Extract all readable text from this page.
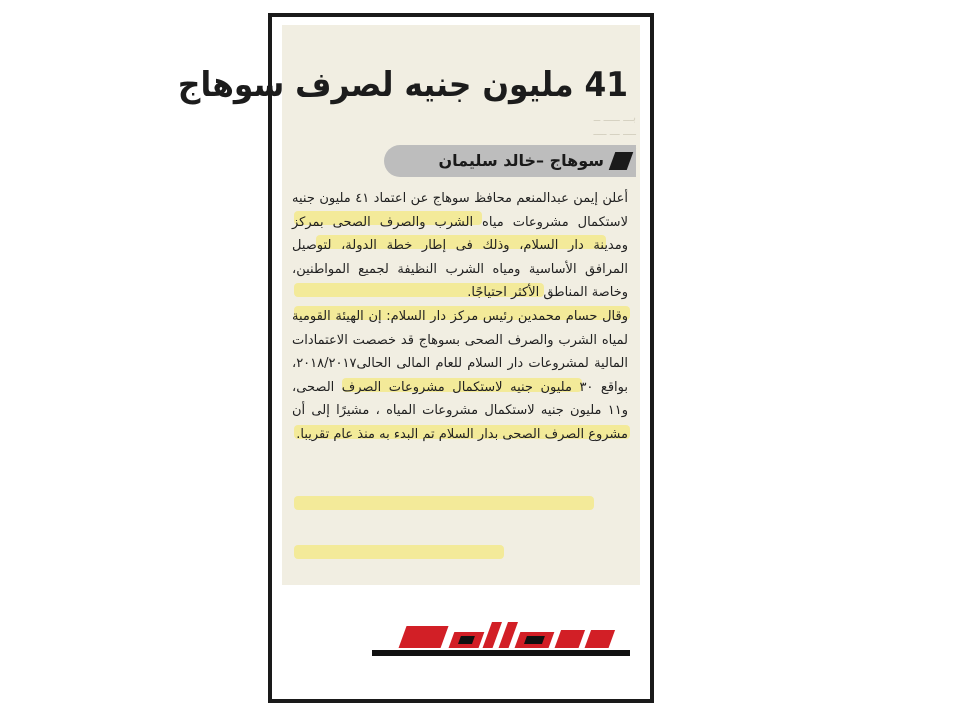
بـــ ـــــ ــ
ــــ ـــ ــــ

41 مليون جنيه لصرف سوهاج
سوهاج –خالد سليمان

أعلن إيمن عبدالمنعم محافظ سوهاج عن اعتماد ٤١ مليون جنيه لاستكمال مشروعات مياه الشرب والصرف الصحى بمركز ومدينة دار السلام، وذلك فى إطار خطة الدولة، لتوصيل المرافق الأساسية ومياه الشرب النظيفة لجميع المواطنين، وخاصة المناطق الأكثر احتياجًا.

وقال حسام محمدين رئيس مركز دار السلام: إن الهيئة القومية لمياه الشرب والصرف الصحى بسوهاج قد خصصت الاعتمادات المالية لمشروعات دار السلام للعام المالى الحالى٢٠١٨/٢٠١٧، بواقع ٣٠ مليون جنيه لاستكمال مشروعات الصرف الصحى، و١١ مليون جنيه لاستكمال مشروعات المياه ، مشيرًا إلى أن مشروع الصرف الصحى بدار السلام تم البدء به منذ عام تقريبا.
